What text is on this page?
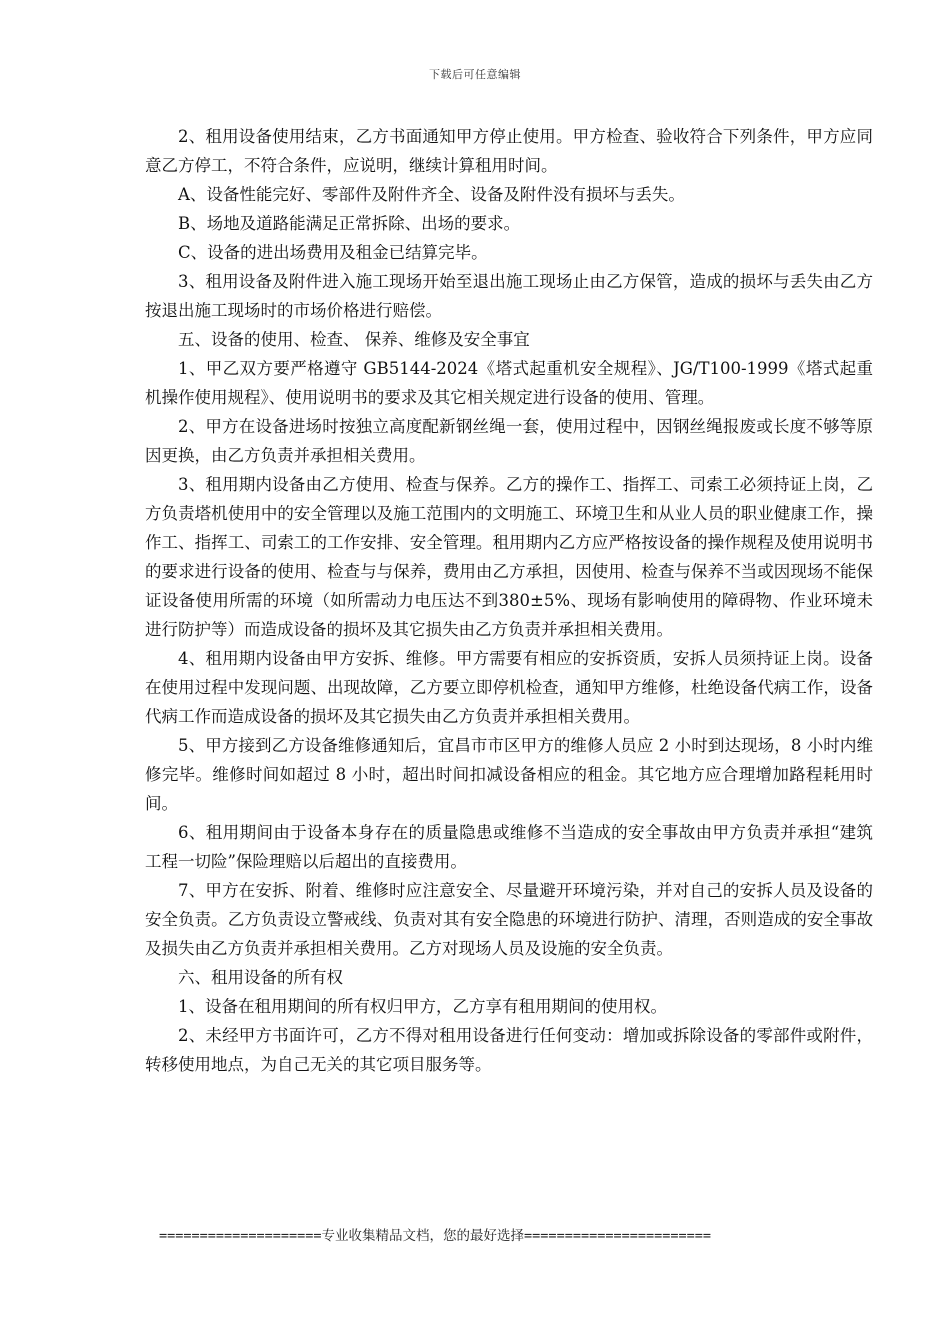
下载后可任意编辑

2、租用设备使用结束，乙方书面通知甲方停止使用。甲方检查、验收符合下列条件，甲方应同意乙方停工，不符合条件，应说明，继续计算租用时间。

A、设备性能完好、零部件及附件齐全、设备及附件没有损坏与丢失。

B、场地及道路能满足正常拆除、出场的要求。

C、设备的进出场费用及租金已结算完毕。

3、租用设备及附件进入施工现场开始至退出施工现场止由乙方保管，造成的损坏与丢失由乙方按退出施工现场时的市场价格进行赔偿。

五、设备的使用、检查、 保养、维修及安全事宜

1、甲乙双方要严格遵守 GB5144-2024《塔式起重机安全规程》、JG/T100-1999《塔式起重机操作使用规程》、使用说明书的要求及其它相关规定进行设备的使用、管理。

2、甲方在设备进场时按独立高度配新钢丝绳一套，使用过程中，因钢丝绳报废或长度不够等原因更换，由乙方负责并承担相关费用。

3、租用期内设备由乙方使用、检查与保养。乙方的操作工、指挥工、司索工必须持证上岗，乙方负责塔机使用中的安全管理以及施工范围内的文明施工、环境卫生和从业人员的职业健康工作，操作工、指挥工、司索工的工作安排、安全管理。租用期内乙方应严格按设备的操作规程及使用说明书的要求进行设备的使用、检查与与保养，费用由乙方承担，因使用、检查与保养不当或因现场不能保证设备使用所需的环境（如所需动力电压达不到380±5%、现场有影响使用的障碍物、作业环境未进行防护等）而造成设备的损坏及其它损失由乙方负责并承担相关费用。

4、租用期内设备由甲方安拆、维修。甲方需要有相应的安拆资质，安拆人员须持证上岗。设备在使用过程中发现问题、出现故障，乙方要立即停机检查，通知甲方维修，杜绝设备代病工作，设备代病工作而造成设备的损坏及其它损失由乙方负责并承担相关费用。

5、甲方接到乙方设备维修通知后，宜昌市市区甲方的维修人员应 2 小时到达现场，8 小时内维修完毕。维修时间如超过 8 小时，超出时间扣减设备相应的租金。其它地方应合理增加路程耗用时间。

6、租用期间由于设备本身存在的质量隐患或维修不当造成的安全事故由甲方负责并承担“建筑工程一切险”保险理赔以后超出的直接费用。

7、甲方在安拆、附着、维修时应注意安全、尽量避开环境污染，并对自己的安拆人员及设备的安全负责。乙方负责设立警戒线、负责对其有安全隐患的环境进行防护、清理，否则造成的安全事故及损失由乙方负责并承担相关费用。乙方对现场人员及设施的安全负责。

六、租用设备的所有权

1、设备在租用期间的所有权归甲方，乙方享有租用期间的使用权。

2、未经甲方书面许可，乙方不得对租用设备进行任何变动：增加或拆除设备的零部件或附件，转移使用地点，为自己无关的其它项目服务等。

====================专业收集精品文档，您的最好选择=======================
